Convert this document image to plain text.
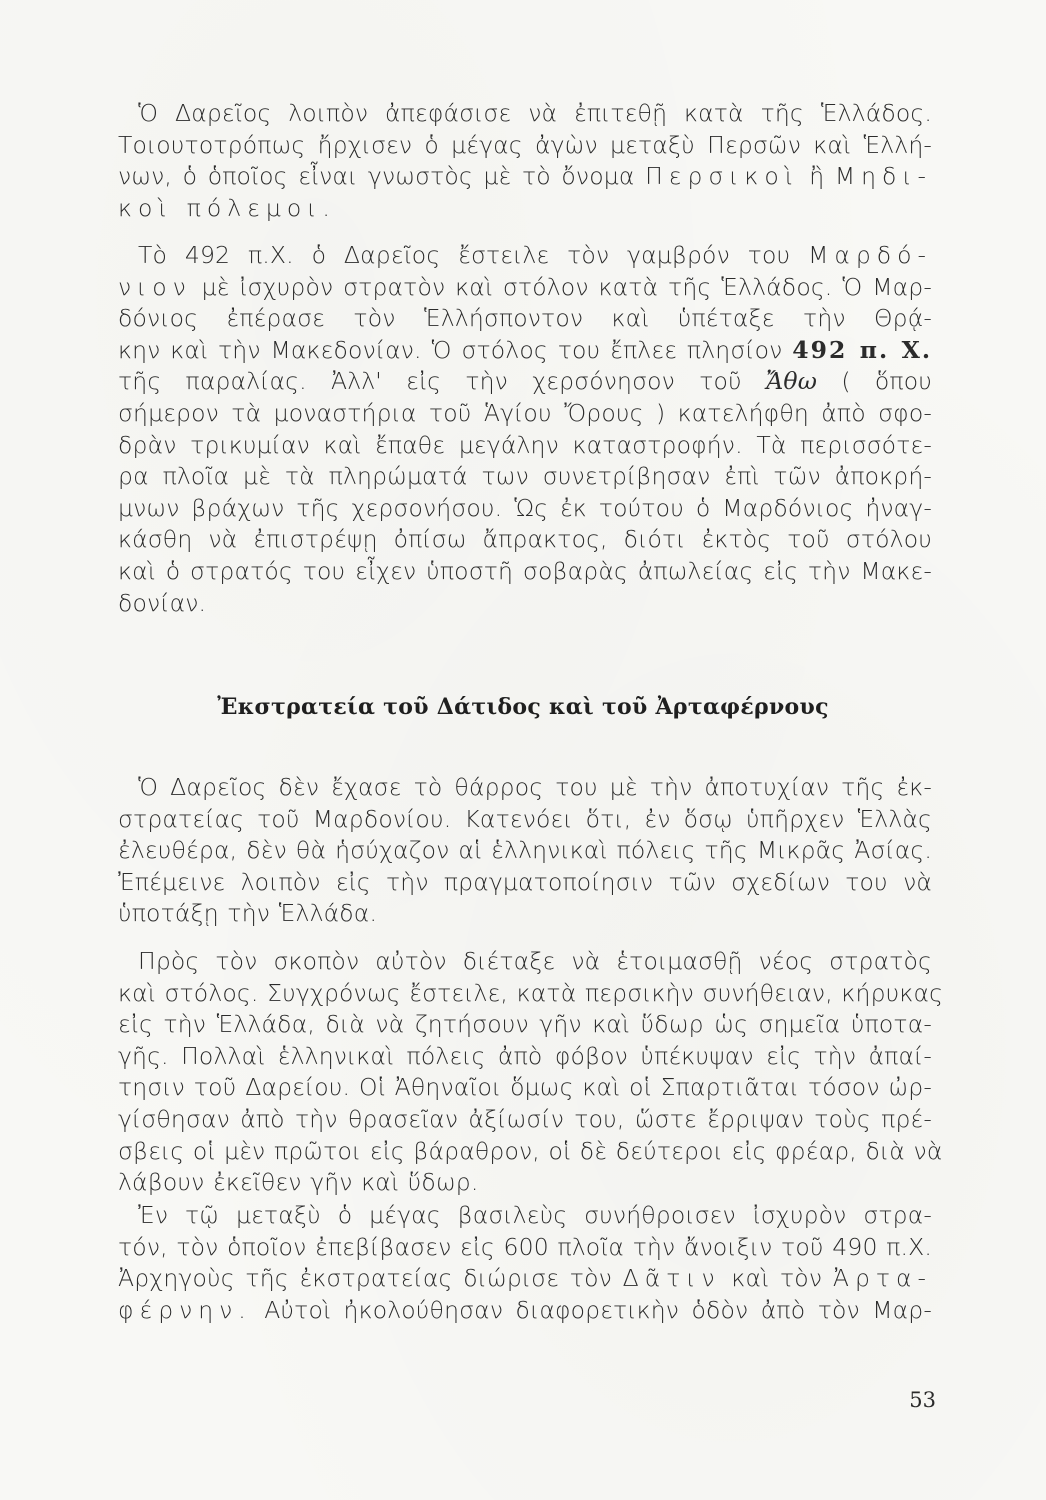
Ὁ Δαρεῖος λοιπὸν ἀπεφάσισε νὰ ἐπιτεθῇ κατὰ τῆς Ἑλλάδος.
Τοιουτοτρόπως ἤρχισεν ὁ μέγας ἀγὼν μεταξὺ Περσῶν καὶ Ἑλλή-
νων, ὁ ὁποῖος εἶναι γνωστὸς μὲ τὸ ὄνομα Περσικοὶ ἢ Μηδι-
κοὶ πόλεμοι.

Τὸ 492 π.Χ. ὁ Δαρεῖος ἔστειλε τὸν γαμβρόν του Μαρδό-
νιον μὲ ἰσχυρὸν στρατὸν καὶ στόλον κατὰ τῆς Ἑλλάδος. Ὁ Μαρ-
δόνιος ἐπέρασε τὸν Ἑλλήσποντον καὶ ὑπέταξε τὴν Θρᾴ-
κην καὶ τὴν Μακεδονίαν. Ὁ στόλος του ἔπλεε πλησίον 492 π. Χ.
τῆς παραλίας. Ἀλλ' εἰς τὴν χερσόνησον τοῦ Ἄθω ( ὅπου
σήμερον τὰ μοναστήρια τοῦ Ἁγίου Ὄρους ) κατελήφθη ἀπὸ σφο-
δρὰν τρικυμίαν καὶ ἔπαθε μεγάλην καταστροφήν. Τὰ περισσότε-
ρα πλοῖα μὲ τὰ πληρώματά των συνετρίβησαν ἐπὶ τῶν ἀποκρή-
μνων βράχων τῆς χερσονήσου. Ὡς ἐκ τούτου ὁ Μαρδόνιος ἠναγ-
κάσθη νὰ ἐπιστρέψῃ ὀπίσω ἄπρακτος, διότι ἐκτὸς τοῦ στόλου
καὶ ὁ στρατός του εἶχεν ὑποστῆ σοβαρὰς ἀπωλείας εἰς τὴν Μακε-
δονίαν.

Ἐκστρατεία τοῦ Δάτιδος καὶ τοῦ Ἀρταφέρνους

Ὁ Δαρεῖος δὲν ἔχασε τὸ θάρρος του μὲ τὴν ἀποτυχίαν τῆς ἐκ-
στρατείας τοῦ Μαρδονίου. Κατενόει ὅτι, ἐν ὅσῳ ὑπῆρχεν Ἑλλὰς
ἐλευθέρα, δὲν θὰ ἡσύχαζον αἱ ἑλληνικαὶ πόλεις τῆς Μικρᾶς Ἀσίας.
Ἐπέμεινε λοιπὸν εἰς τὴν πραγματοποίησιν τῶν σχεδίων του νὰ
ὑποτάξῃ τὴν Ἑλλάδα.

Πρὸς τὸν σκοπὸν αὐτὸν διέταξε νὰ ἑτοιμασθῇ νέος στρατὸς
καὶ στόλος. Συγχρόνως ἔστειλε, κατὰ περσικὴν συνήθειαν, κήρυκας
εἰς τὴν Ἑλλάδα, διὰ νὰ ζητήσουν γῆν καὶ ὕδωρ ὡς σημεῖα ὑποτα-
γῆς. Πολλαὶ ἑλληνικαὶ πόλεις ἀπὸ φόβον ὑπέκυψαν εἰς τὴν ἀπαί-
τησιν τοῦ Δαρείου. Οἱ Ἀθηναῖοι ὅμως καὶ οἱ Σπαρτιᾶται τόσον ὠρ-
γίσθησαν ἀπὸ τὴν θρασεῖαν ἀξίωσίν του, ὥστε ἔρριψαν τοὺς πρέ-
σβεις οἱ μὲν πρῶτοι εἰς βάραθρον, οἱ δὲ δεύτεροι εἰς φρέαρ, διὰ νὰ
λάβουν ἐκεῖθεν γῆν καὶ ὕδωρ.

Ἐν τῷ μεταξὺ ὁ μέγας βασιλεὺς συνήθροισεν ἰσχυρὸν στρα-
τόν, τὸν ὁποῖον ἐπεβίβασεν εἰς 600 πλοῖα τὴν ἄνοιξιν τοῦ 490 π.Χ.
Ἀρχηγοὺς τῆς ἐκστρατείας διώρισε τὸν Δᾶτιν καὶ τὸν Ἀρτα-
φέρνην. Αὐτοὶ ἠκολούθησαν διαφορετικὴν ὁδὸν ἀπὸ τὸν Μαρ-

53
